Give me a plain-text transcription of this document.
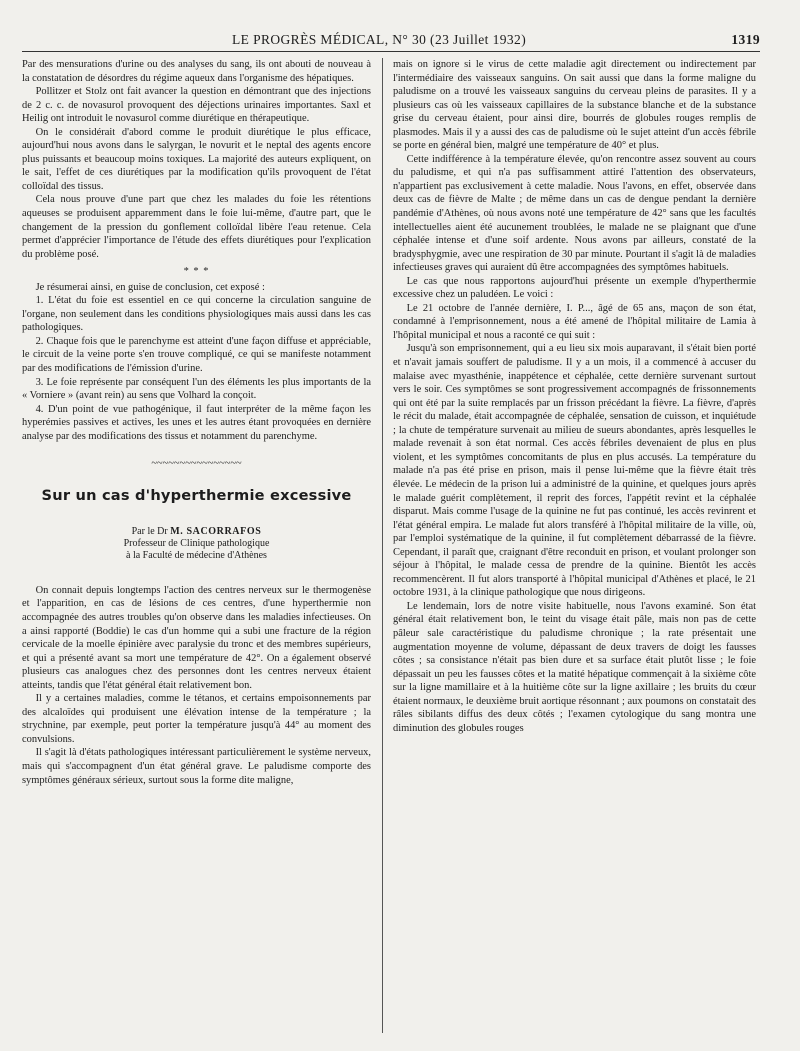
LE PROGRÈS MÉDICAL, N° 30 (23 Juillet 1932)	1319

Par des mensurations d'urine ou des analyses du sang, ils ont abouti de nouveau à la constatation de désordres du régime aqueux dans l'organisme des hépatiques.

Pollitzer et Stolz ont fait avancer la question en démontrant que des injections de 2 c. c. de novasurol provoquent des déjections urinaires importantes. Saxl et Heilig ont introduit le novasurol comme diurétique en thérapeutique.

On le considérait d'abord comme le produit diurétique le plus efficace, aujourd'hui nous avons dans le salyrgan, le novurit et le neptal des agents encore plus puissants et beaucoup moins toxiques. La majorité des auteurs expliquent, on le sait, l'effet de ces diurétiques par la modification qu'ils provoquent de l'état colloïdal des tissus.

Cela nous prouve d'une part que chez les malades du foie les rétentions aqueuses se produisent apparemment dans le foie lui-même, d'autre part, que le changement de la pression du gonflement colloïdal libère l'eau retenue. Cela permet d'apprécier l'importance de l'étude des effets diurétiques pour l'explication du problème posé.

* * *

Je résumerai ainsi, en guise de conclusion, cet exposé :

1. L'état du foie est essentiel en ce qui concerne la circulation sanguine de l'organe, non seulement dans les conditions physiologiques mais aussi dans les cas pathologiques.

2. Chaque fois que le parenchyme est atteint d'une façon diffuse et appréciable, le circuit de la veine porte s'en trouve compliqué, ce qui se manifeste notamment par des modifications de l'émission d'urine.

3. Le foie représente par conséquent l'un des éléments les plus importants de la « Vorniere » (avant rein) au sens que Volhard la conçoit.

4. D'un point de vue pathogénique, il faut interpréter de la même façon les hyperémies passives et actives, les unes et les autres étant provoquées en dernière analyse par des modifications des tissus et notamment du parenchyme.

~~~~~~~~~~~~~~~~
Sur un cas d'hyperthermie excessive
Par le Dr M. SACORRAFOS
Professeur de Clinique pathologique
à la Faculté de médecine d'Athènes

On connait depuis longtemps l'action des centres nerveux sur le thermogenèse et l'apparition, en cas de lésions de ces centres, d'une hyperthermie non accompagnée des autres troubles qu'on observe dans les maladies infectieuses. On a ainsi rapporté (Boddie) le cas d'un homme qui a subi une fracture de la région cervicale de la moelle épinière avec paralysie du tronc et des membres supérieurs, et qui a présenté avant sa mort une température de 42°. On a également observé plusieurs cas analogues chez des personnes dont les centres nerveux étaient atteints, tandis que l'état général était relativement bon.

Il y a certaines maladies, comme le tétanos, et certains empoisonnements par des alcaloïdes qui produisent une élévation intense de la température ; la strychnine, par exemple, peut porter la température jusqu'à 44° au moment des convulsions.

Il s'agit là d'états pathologiques intéressant particulièrement le système nerveux, mais qui s'accompagnent d'un état général grave. Le paludisme comporte des symptômes généraux sérieux, surtout sous la forme dite maligne,

mais on ignore si le virus de cette maladie agit directement ou indirectement par l'intermédiaire des vaisseaux sanguins. On sait aussi que dans la forme maligne du paludisme on a trouvé les vaisseaux sanguins du cerveau pleins de parasites. Il y a plusieurs cas où les vaisseaux capillaires de la substance blanche et de la substance grise du cerveau étaient, pour ainsi dire, bourrés de globules rouges remplis de plasmodes. Mais il y a aussi des cas de paludisme où le sujet atteint d'un accès fébrile se porte en général bien, malgré une température de 40° et plus.

Cette indifférence à la température élevée, qu'on rencontre assez souvent au cours du paludisme, et qui n'a pas suffisamment attiré l'attention des observateurs, n'appartient pas exclusivement à cette maladie. Nous l'avons, en effet, observée dans deux cas de fièvre de Malte ; de même dans un cas de dengue pendant la dernière pandémie d'Athènes, où nous avons noté une température de 42° sans que les facultés intellectuelles aient été aucunement troublées, le malade ne se plaignant que d'une céphalée intense et d'une soif ardente. Nous avons par ailleurs, constaté de la bradysphygmie, avec une respiration de 30 par minute. Pourtant il s'agit là de maladies infectieuses graves qui auraient dû être accompagnées des symptômes habituels.

Le cas que nous rapportons aujourd'hui présente un exemple d'hyperthermie excessive chez un paludéen. Le voici :

Le 21 octobre de l'année dernière, I. P..., âgé de 65 ans, maçon de son état, condamné à l'emprisonnement, nous a été amené de l'hôpital militaire de Lamia à l'hôpital municipal et nous a raconté ce qui suit :

Jusqu'à son emprisonnement, qui a eu lieu six mois auparavant, il s'était bien porté et n'avait jamais souffert de paludisme. Il y a un mois, il a commencé à accuser du malaise avec myasthénie, inappétence et céphalée, cette dernière survenant surtout vers le soir. Ces symptômes se sont progressivement accompagnés de frissonnements qui ont été par la suite remplacés par un frisson précédant la fièvre. La fièvre, d'après le récit du malade, était accompagnée de céphalée, sensation de cuisson, et inquiétude ; la chute de température survenait au milieu de sueurs abondantes, après lesquelles le malade revenait à son état normal. Ces accès fébriles devenaient de plus en plus violent, et les symptômes concomitants de plus en plus accusés. La température du malade n'a pas été prise en prison, mais il pense lui-même que la fièvre était très élevée. Le médecin de la prison lui a administré de la quinine, et quelques jours après le malade guérit complètement, il reprit des forces, l'appétit revint et la céphalée disparut. Mais comme l'usage de la quinine ne fut pas continué, les accès revinrent et l'état général empira. Le malade fut alors transféré à l'hôpital militaire de la ville, où, par l'emploi systématique de la quinine, il fut complètement débarrassé de la fièvre. Cependant, il paraît que, craignant d'être reconduit en prison, et voulant prolonger son séjour à l'hôpital, le malade cessa de prendre de la quinine. Bientôt les accès recommencèrent. Il fut alors transporté à l'hôpital municipal d'Athènes et placé, le 21 octobre 1931, à la clinique pathologique que nous dirigeons.

Le lendemain, lors de notre visite habituelle, nous l'avons examiné. Son état général était relativement bon, le teint du visage était pâle, mais non pas de cette pâleur sale caractéristique du paludisme chronique ; la rate présentait une augmentation moyenne de volume, dépassant de deux travers de doigt les fausses côtes ; sa consistance n'était pas bien dure et sa surface était plutôt lisse ; le foie dépassait un peu les fausses côtes et la matité hépatique commençait à la sixième côte sur la ligne mamillaire et à la huitième côte sur la ligne axillaire ; les bruits du cœur étaient normaux, le deuxième bruit aortique résonnant ; aux poumons on constatait des râles sibilants diffus des deux côtés ; l'examen cytologique du sang montra une diminution des globules rouges
